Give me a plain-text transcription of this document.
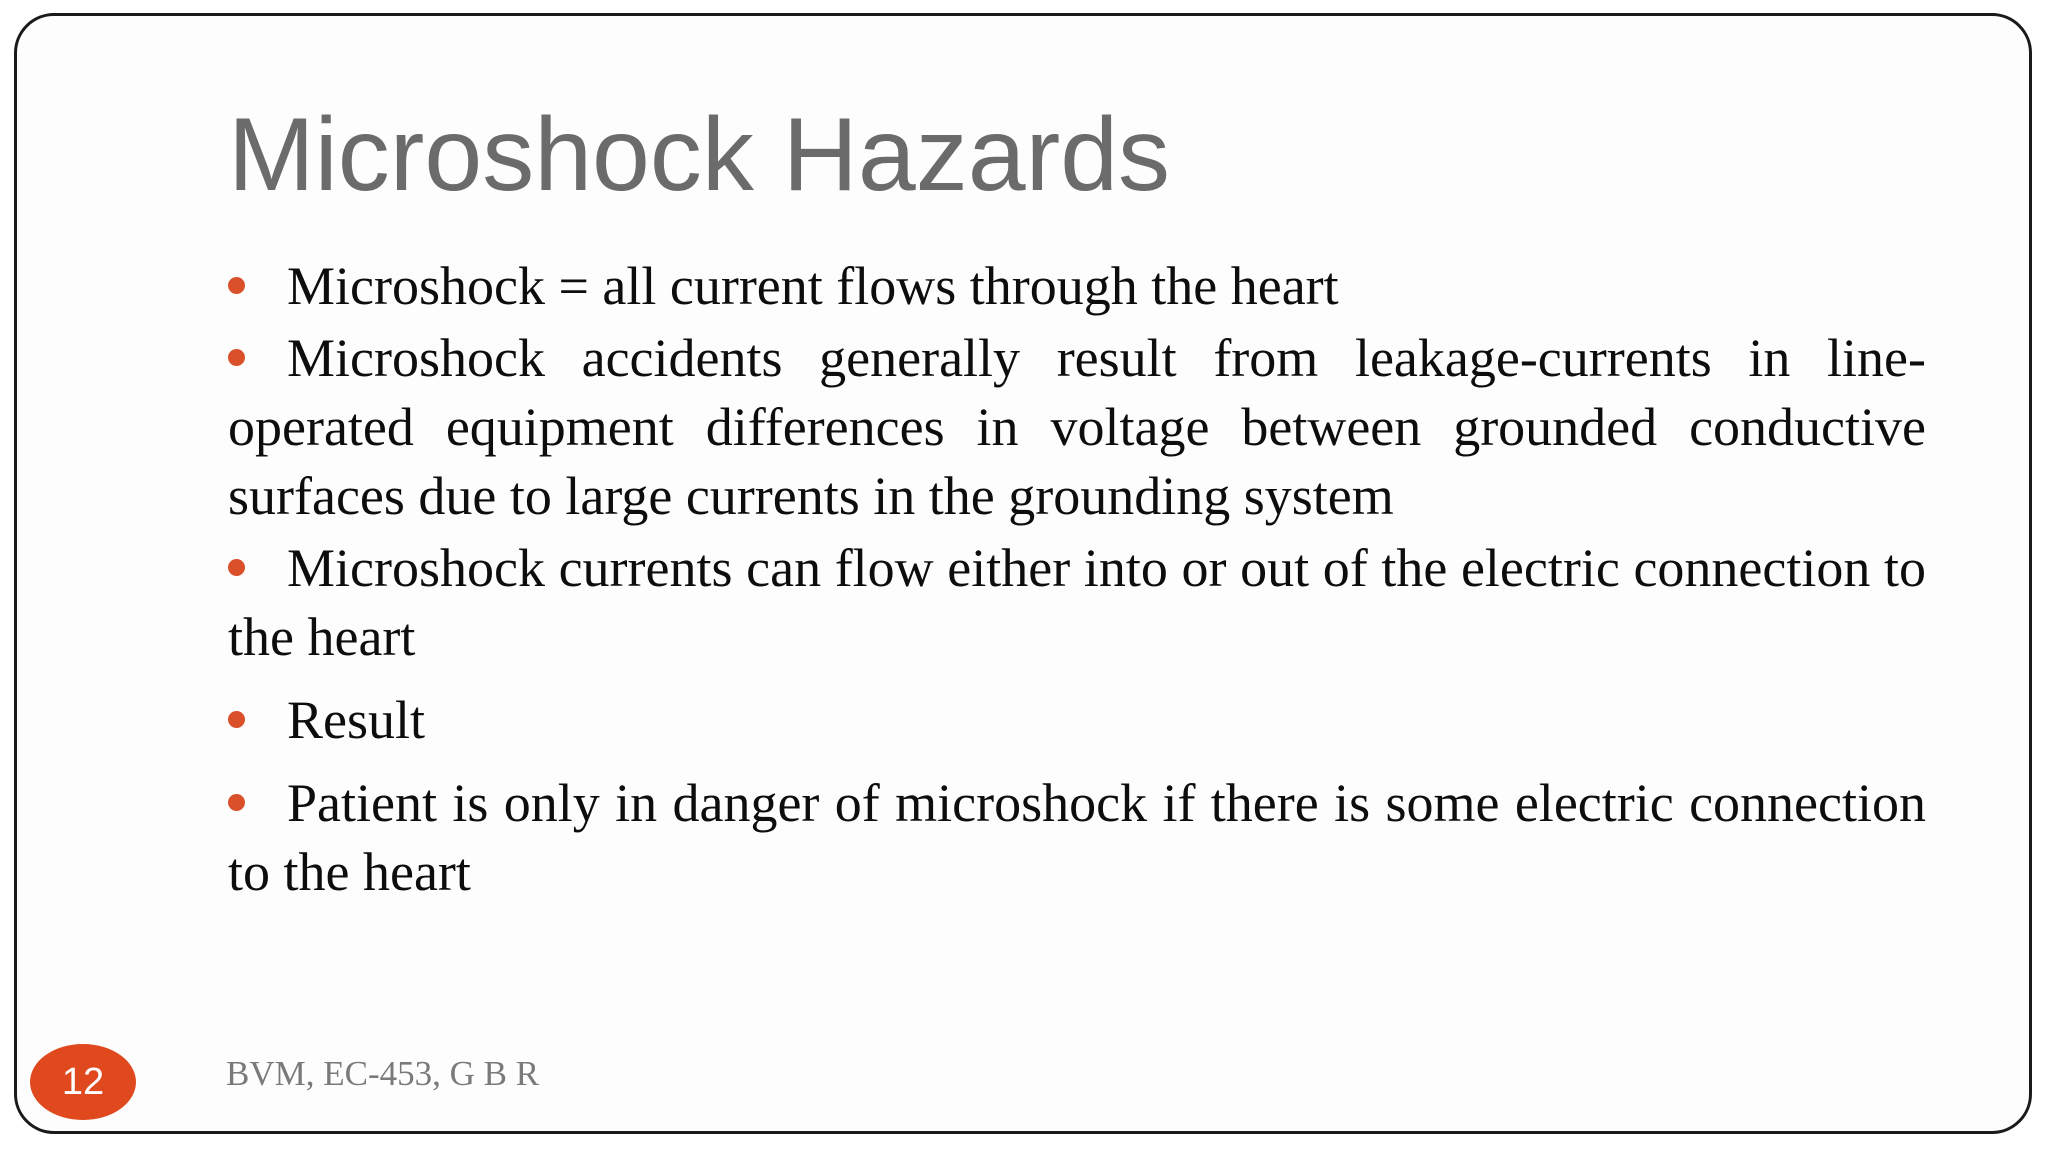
Microshock Hazards
Microshock = all current flows through the heart
Microshock accidents generally result from leakage-currents in line-operated equipment differences in voltage between grounded conductive surfaces due to large currents in the grounding system
Microshock currents can flow either into or out of the electric connection to the heart
Result
Patient is only in danger of microshock if there is some electric connection to the heart
12	BVM, EC-453, G B R
